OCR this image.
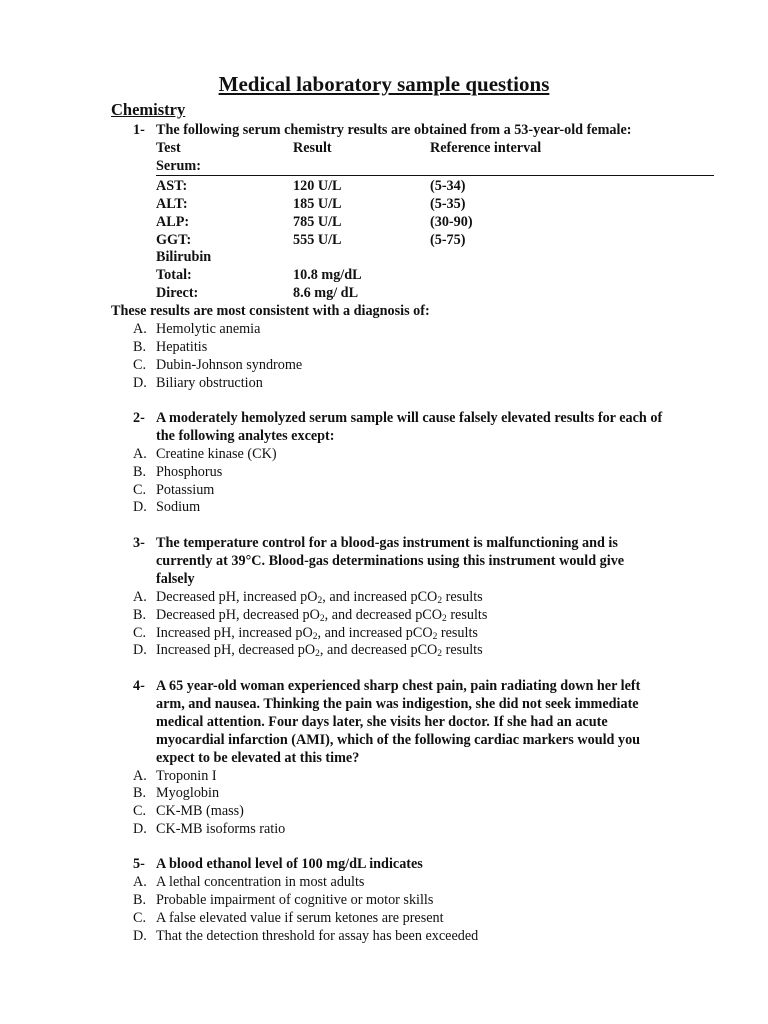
Medical laboratory sample questions
Chemistry
1- The following serum chemistry results are obtained from a 53-year-old female:
Test	Result	Reference interval
Serum:
AST:	120 U/L	(5-34)
ALT:	185 U/L	(5-35)
ALP:	785 U/L	(30-90)
GGT:	555 U/L	(5-75)
Bilirubin
Total:	10.8 mg/dL
Direct:	8.6 mg/ dL
These results are most consistent with a diagnosis of:
A. Hemolytic anemia
B. Hepatitis
C. Dubin-Johnson syndrome
D. Biliary obstruction
2- A moderately hemolyzed serum sample will cause falsely elevated results for each of
the following analytes except:
A. Creatine kinase (CK)
B. Phosphorus
C. Potassium
D. Sodium
3- The temperature control for a blood-gas instrument is malfunctioning and is
currently at 39°C. Blood-gas determinations using this instrument would give
falsely
A. Decreased pH, increased $pO_2$, and increased pCO$_2$ results
B. Decreased pH, decreased $pO_2$, and decreased pCO$_2$ results
C. Increased pH, increased $pO_2$, and increased pCO$_2$ results
D. Increased pH, decreased $pO_2$, and decreased pCO$_2$ results
4- A 65 year-old woman experienced sharp chest pain, pain radiating down her left
arm, and nausea. Thinking the pain was indigestion, she did not seek immediate
medical attention. Four days later, she visits her doctor. If she had an acute
myocardial infarction (AMI), which of the following cardiac markers would you
expect to be elevated at this time?
A. Troponin I
B. Myoglobin
C. CK-MB (mass)
D. CK-MB isoforms ratio
5- A blood ethanol level of 100 mg/dL indicates
A. A lethal concentration in most adults
B. Probable impairment of cognitive or motor skills
C. A false elevated value if serum ketones are present
D. That the detection threshold for assay has been exceeded
